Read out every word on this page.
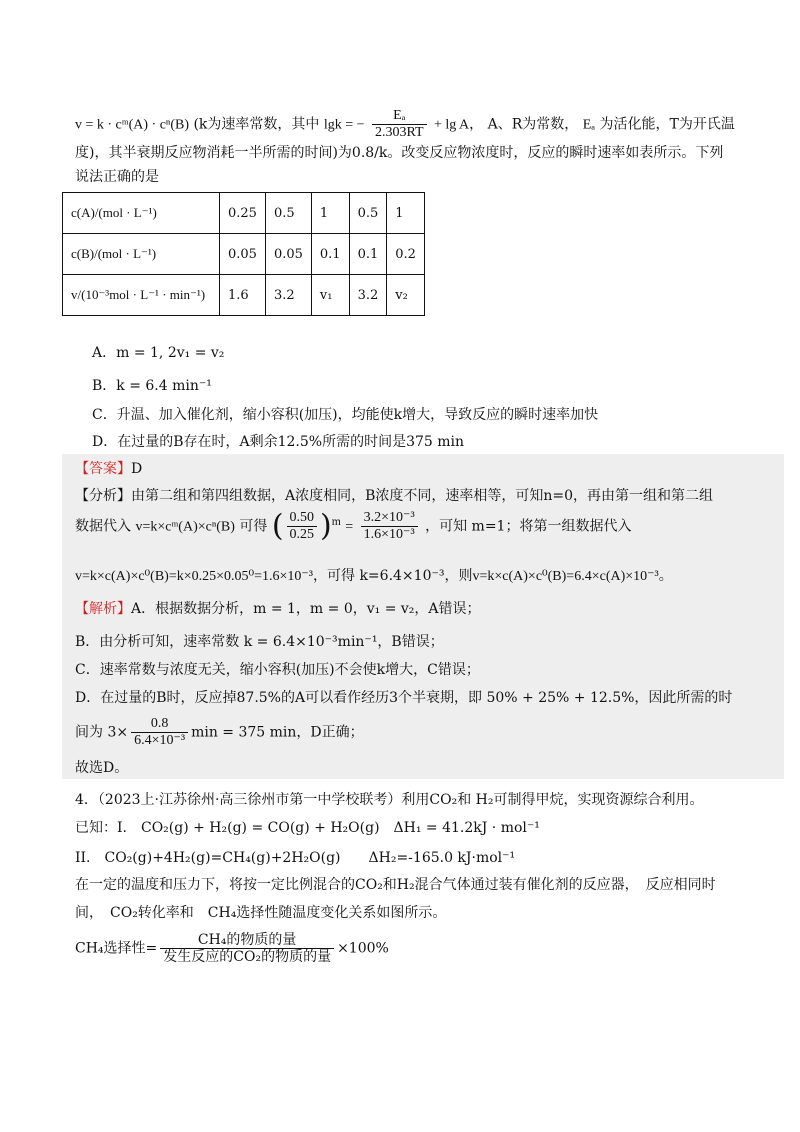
v = k · cᵐ(A) · cⁿ(B) (k为速率常数，其中 lgk = − $\frac{\text{Eₐ}}{2.303RT} + \lg A$， A、R为常数， Eₐ 为活化能，T为开氏温
度)，其半衰期反应物消耗一半所需的时间)为0.8/k。改变反应物浓度时，反应的瞬时速率如表所示。下列
说法正确的是
c(A)/(mol · L⁻¹)	0.25	0.5	1	0.5	1
c(B)/(mol · L⁻¹)	0.05	0.05	0.1	0.1	0.2
v/(10⁻³mol · L⁻¹ · min⁻¹)	1.6	3.2	v₁	3.2	v₂
A．m = 1, 2v₁ = v₂
B．k = 6.4 min⁻¹
C．升温、加入催化剂，缩小容积(加压)，均能使k增大，导致反应的瞬时速率加快
D．在过量的B存在时，A剩余12.5%所需的时间是375 min
【答案】D
【分析】由第二组和第四组数据，A浓度相同，B浓度不同，速率相等，可知n=0，再由第一组和第二组
数据代入 v=k×cᵐ(A)×cⁿ(B) 可得 ( $\frac{0.50}{0.25} )^m = \frac{\text{3.2×10⁻³}}{\text{1.6×10⁻³}}$ ，可知 m=1；将第一组数据代入
v=k×c(A)×c⁰(B)=k×0.25×0.05⁰=1.6×10⁻³，可得 k=6.4×10⁻³，则v=k×c(A)×c⁰(B)=6.4×c(A)×10⁻³。
【解析】A．根据数据分析，m = 1，m = 0，v₁ = v₂，A错误；
B．由分析可知，速率常数 k = 6.4×10⁻³min⁻¹，B错误；
C．速率常数与浓度无关，缩小容积(加压)不会使k增大，C错误；
D．在过量的B时，反应掉87.5%的A可以看作经历3个半衰期，即 50% + 25% + 12.5%，因此所需的时
间为 $3\times \frac{0.8}{\text{6.4×10⁻³}}$ min = 375 min，D正确；
故选D。
4．（2023上·江苏徐州·高三徐州市第一中学校联考）利用CO₂和 H₂可制得甲烷，实现资源综合利用。
已知：I.　CO₂(g) + H₂(g) = CO(g) + H₂O(g)　ΔH₁ = 41.2kJ · mol⁻¹
II.　CO₂(g)+4H₂(g)=CH₄(g)+2H₂O(g)　　ΔH₂=-165.0 kJ·mol⁻¹
在一定的温度和压力下，将按一定比例混合的CO₂和H₂混合气体通过装有催化剂的反应器，　反应相同时
间，　CO₂转化率和　CH₄选择性随温度变化关系如图所示。
CH₄选择性= $\frac{\text{CH₄的物质的量}}{\text{发生反应的CO₂的物质的量}} \times 100\%$
